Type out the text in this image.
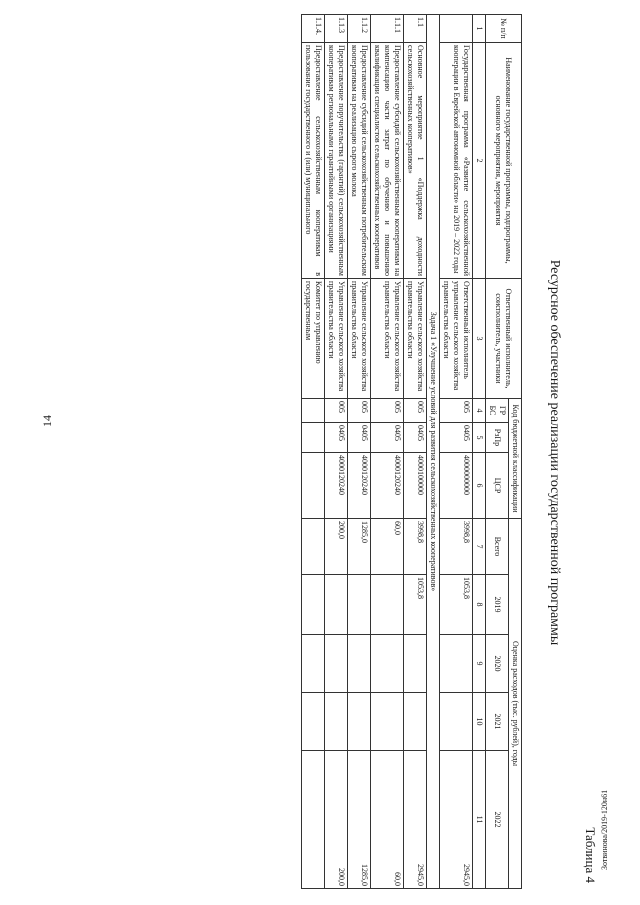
14
Зотвинова/2019-120н61
Таблица 4
Ресурсное обеспечение реализации государственной программы
№ п/п	Наименование государственной программы, подпрограммы, основного мероприятия, мероприятия	Ответственный исполнитель, соисполнитель, участники	Код бюджетной классификации			Оценка расходов (тыс. рублей), годы				
			ГР БС	РзПр	ЦСР	Всего	2019	2020	2021	2022
1	2	3	4	5	6	7	8	9	10	11
	Государственная программа «Развитие сельскохозяйственной кооперации в Еврейской автономной области» на 2019 – 2022 годы	Ответственный исполнитель управление сельского хозяйства правительства области	005	0405	4000000000	3998,8	1053,8			2945,0
Задача 1 «Улучшение условий для развития сельскохозяйственных кооперативов»										
1.1	Основное мероприятие 1 «Поддержка доходности сельскохозяйственных кооперативов»	Управление сельского хозяйства правительства области	005	0405	4000100000	3998,8	1053,8			2945,0
1.1.1	Предоставление субсидий сельскохозяйственным кооперативам на компенсацию части затрат по обучению и повышению квалификации специалистов сельскохозяйственных кооперативов	Управление сельского хозяйства правительства области	005	0405	4000120240	60,0				60,0
1.1.2	Предоставление субсидий сельскохозяйственным потребительским кооперативам на реализацию сырого молока	Управление сельского хозяйства правительства области	005	0405	4000120240	1285,0				1285,0
1.1.3	Предоставление поручительства (гарантий) сельскохозяйственным кооперативам региональными гарантийными организациями	Управление сельского хозяйства правительства области	005	0405	4000120240	200,0				200,0
1.1.4.	Предоставление сельскохозяйственным кооперативам в пользование государственного и (или) муниципального	Комитет по управлению государственным								
